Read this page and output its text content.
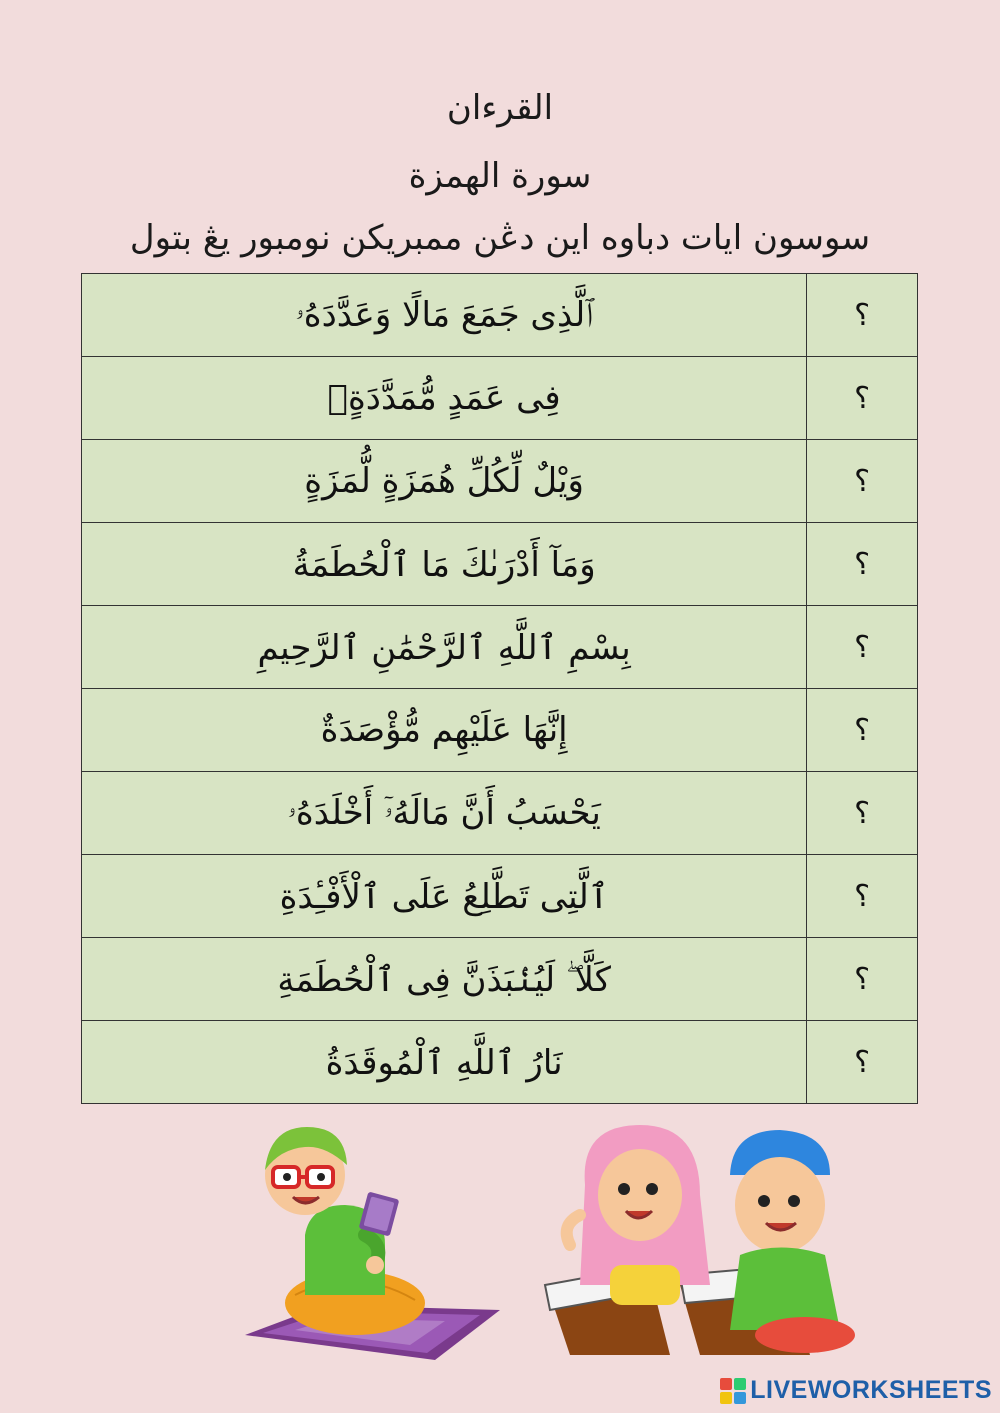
القرءان
سورة الهمزة
سوسون ايات دباوه اين دڠن ممبريکن نومبور يڠ بتول
ٱلَّذِى جَمَعَ مَالًا وَعَدَّدَهُۥ	؟
فِى عَمَدٍ مُّمَدَّدَةٍۭ	؟
وَيْلٌ لِّكُلِّ هُمَزَةٍ لُّمَزَةٍ	؟
وَمَآ أَدْرَىٰكَ مَا ٱلْحُطَمَةُ	؟
بِسْمِ ٱللَّهِ ٱلرَّحْمَٰنِ ٱلرَّحِيمِ	؟
إِنَّهَا عَلَيْهِم مُّؤْصَدَةٌ	؟
يَحْسَبُ أَنَّ مَالَهُۥٓ أَخْلَدَهُۥ	؟
ٱلَّتِى تَطَّلِعُ عَلَى ٱلْأَفْـِٔدَةِ	؟
كَلَّا ۖ لَيُنۢبَذَنَّ فِى ٱلْحُطَمَةِ	؟
نَارُ ٱللَّهِ ٱلْمُوقَدَةُ	؟
LIVEWORKSHEETS
